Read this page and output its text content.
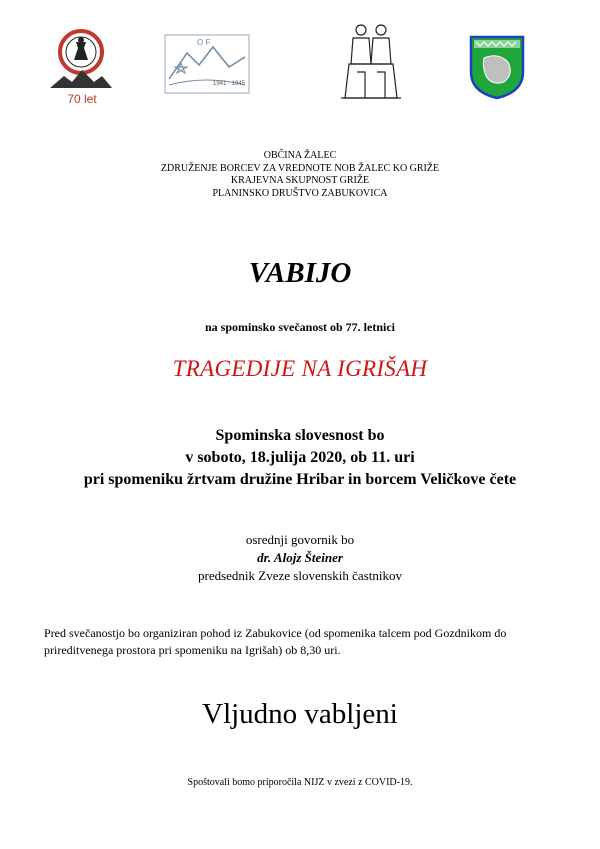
70 let
O F
1941 · 1945
OBČINA ŽALEC
ZDRUŽENJE BORCEV ZA VREDNOTE NOB ŽALEC KO GRIŽE
KRAJEVNA SKUPNOST GRIŽE
PLANINSKO DRUŠTVO ZABUKOVICA
VABIJO
na spominsko svečanost ob 77. letnici
TRAGEDIJE NA IGRIŠAH
Spominska slovesnost bo
v soboto, 18.julija 2020, ob 11. uri
pri spomeniku žrtvam družine Hribar in borcem Veličkove čete
osrednji govornik bo
dr. Alojz Šteiner
predsednik Zveze slovenskih častnikov
Pred svečanostjo bo organiziran pohod iz Zabukovice (od spomenika talcem pod Gozdnikom do prireditvenega prostora pri spomeniku na Igrišah) ob 8,30 uri.
Vljudno vabljeni
Spoštovali bomo priporočila NIJZ v zvezi z COVID-19.
